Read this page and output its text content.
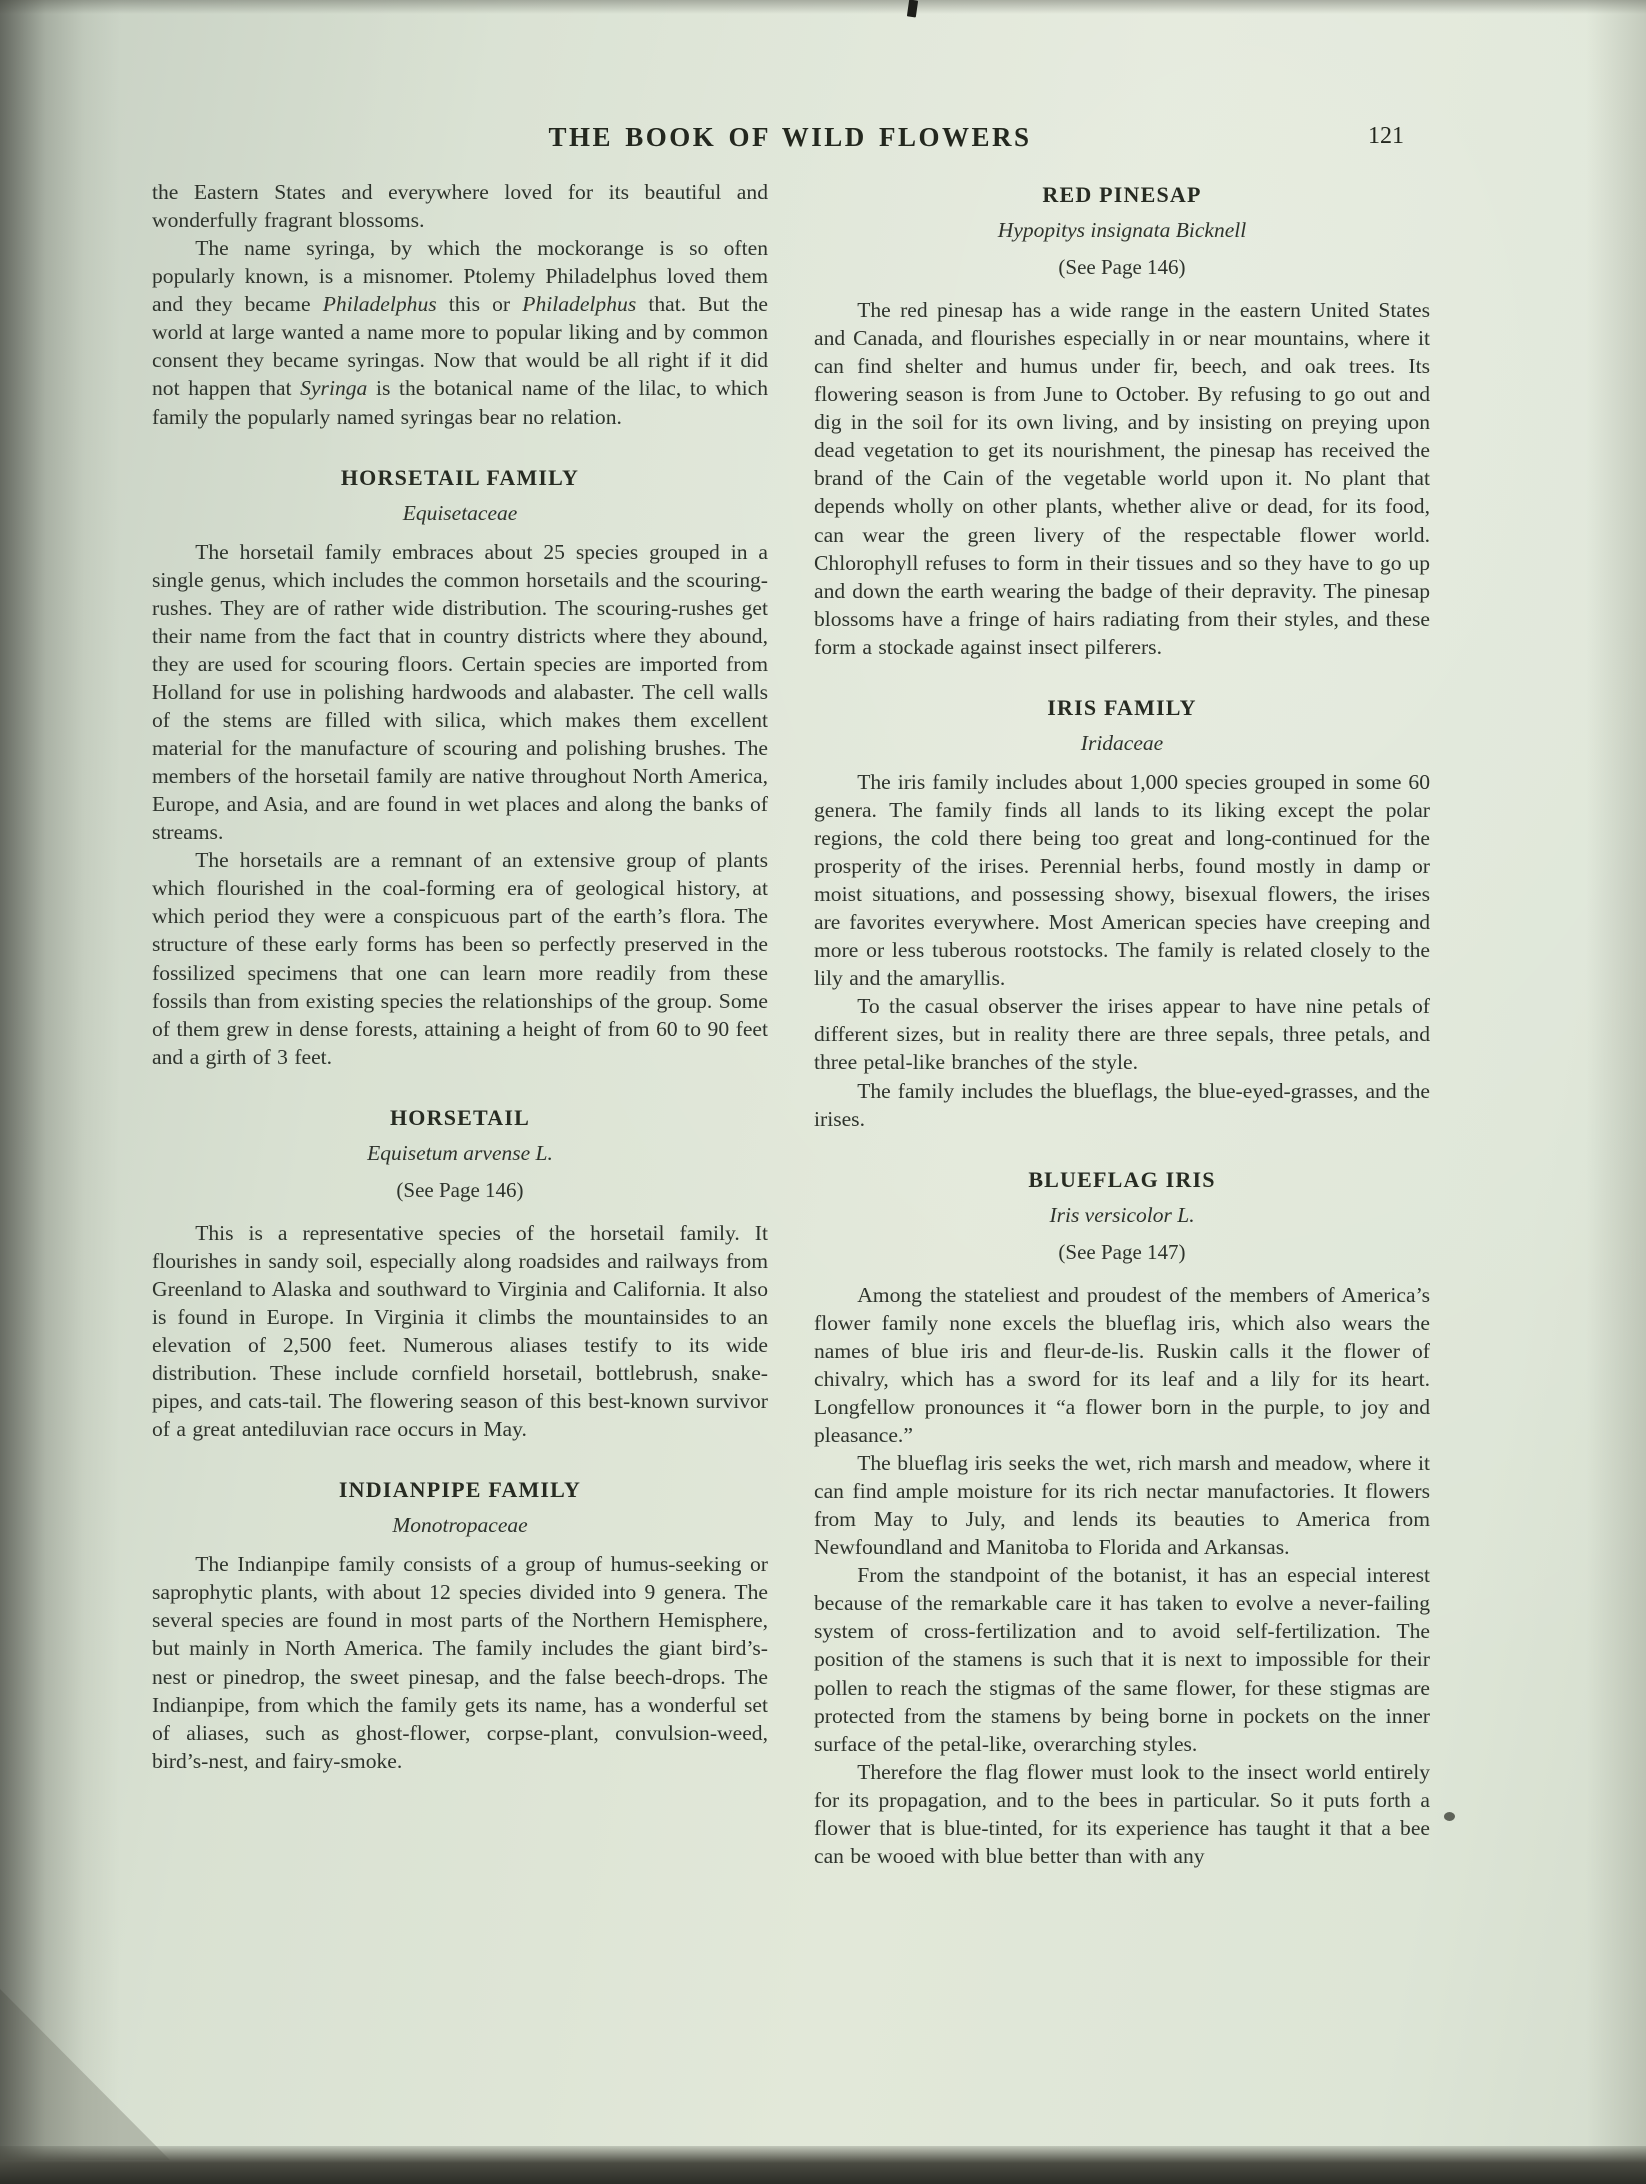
THE BOOK OF WILD FLOWERS	121

the Eastern States and everywhere loved for its beautiful and wonderfully fragrant blossoms.

The name syringa, by which the mockorange is so often popularly known, is a misnomer. Ptolemy Philadelphus loved them and they became Philadelphus this or Philadelphus that. But the world at large wanted a name more to popular liking and by common consent they became syringas. Now that would be all right if it did not happen that Syringa is the botanical name of the lilac, to which family the popularly named syringas bear no relation.

HORSETAIL FAMILY
Equisetaceae

The horsetail family embraces about 25 species grouped in a single genus, which includes the common horsetails and the scouring-rushes. They are of rather wide distribution. The scouring-rushes get their name from the fact that in country districts where they abound, they are used for scouring floors. Certain species are imported from Holland for use in polishing hardwoods and alabaster. The cell walls of the stems are filled with silica, which makes them excellent material for the manufacture of scouring and polishing brushes. The members of the horsetail family are native throughout North America, Europe, and Asia, and are found in wet places and along the banks of streams.

The horsetails are a remnant of an extensive group of plants which flourished in the coal-forming era of geological history, at which period they were a conspicuous part of the earth’s flora. The structure of these early forms has been so perfectly preserved in the fossilized specimens that one can learn more readily from these fossils than from existing species the relationships of the group. Some of them grew in dense forests, attaining a height of from 60 to 90 feet and a girth of 3 feet.

HORSETAIL
Equisetum arvense L.
(See Page 146)

This is a representative species of the horsetail family. It flourishes in sandy soil, especially along roadsides and railways from Greenland to Alaska and southward to Virginia and California. It also is found in Europe. In Virginia it climbs the mountainsides to an elevation of 2,500 feet. Numerous aliases testify to its wide distribution. These include cornfield horsetail, bottlebrush, snake-pipes, and cats-tail. The flowering season of this best-known survivor of a great antediluvian race occurs in May.

INDIANPIPE FAMILY
Monotropaceae

The Indianpipe family consists of a group of humus-seeking or saprophytic plants, with about 12 species divided into 9 genera. The several species are found in most parts of the Northern Hemisphere, but mainly in North America. The family includes the giant bird’s-nest or pinedrop, the sweet pinesap, and the false beech-drops. The Indianpipe, from which the family gets its name, has a wonderful set of aliases, such as ghost-flower, corpse-plant, convulsion-weed, bird’s-nest, and fairy-smoke.

RED PINESAP
Hypopitys insignata Bicknell
(See Page 146)

The red pinesap has a wide range in the eastern United States and Canada, and flourishes especially in or near mountains, where it can find shelter and humus under fir, beech, and oak trees. Its flowering season is from June to October. By refusing to go out and dig in the soil for its own living, and by insisting on preying upon dead vegetation to get its nourishment, the pinesap has received the brand of the Cain of the vegetable world upon it. No plant that depends wholly on other plants, whether alive or dead, for its food, can wear the green livery of the respectable flower world. Chlorophyll refuses to form in their tissues and so they have to go up and down the earth wearing the badge of their depravity. The pinesap blossoms have a fringe of hairs radiating from their styles, and these form a stockade against insect pilferers.

IRIS FAMILY
Iridaceae

The iris family includes about 1,000 species grouped in some 60 genera. The family finds all lands to its liking except the polar regions, the cold there being too great and long-continued for the prosperity of the irises. Perennial herbs, found mostly in damp or moist situations, and possessing showy, bisexual flowers, the irises are favorites everywhere. Most American species have creeping and more or less tuberous rootstocks. The family is related closely to the lily and the amaryllis.

To the casual observer the irises appear to have nine petals of different sizes, but in reality there are three sepals, three petals, and three petal-like branches of the style.

The family includes the blueflags, the blue-eyed-grasses, and the irises.

BLUEFLAG IRIS
Iris versicolor L.
(See Page 147)

Among the stateliest and proudest of the members of America’s flower family none excels the blueflag iris, which also wears the names of blue iris and fleur-de-lis. Ruskin calls it the flower of chivalry, which has a sword for its leaf and a lily for its heart. Longfellow pronounces it “a flower born in the purple, to joy and pleasance.”

The blueflag iris seeks the wet, rich marsh and meadow, where it can find ample moisture for its rich nectar manufactories. It flowers from May to July, and lends its beauties to America from Newfoundland and Manitoba to Florida and Arkansas.

From the standpoint of the botanist, it has an especial interest because of the remarkable care it has taken to evolve a never-failing system of cross-fertilization and to avoid self-fertilization. The position of the stamens is such that it is next to impossible for their pollen to reach the stigmas of the same flower, for these stigmas are protected from the stamens by being borne in pockets on the inner surface of the petal-like, overarching styles.

Therefore the flag flower must look to the insect world entirely for its propagation, and to the bees in particular. So it puts forth a flower that is blue-tinted, for its experience has taught it that a bee can be wooed with blue better than with any
